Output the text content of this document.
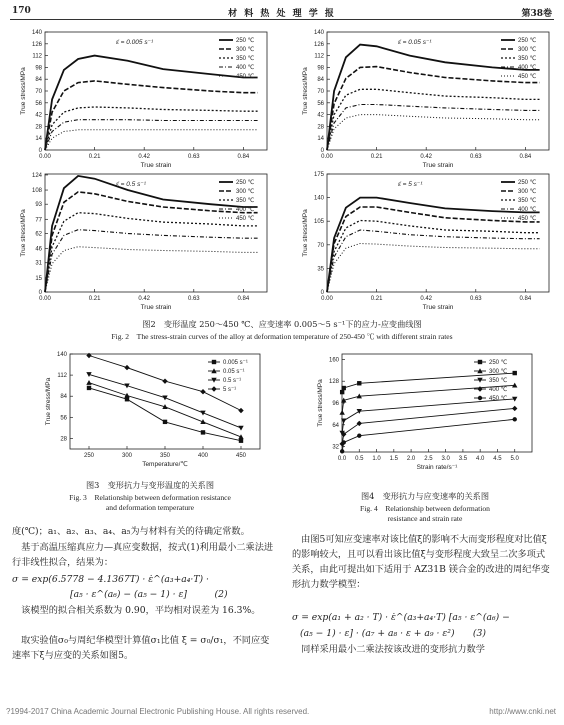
170	材 料 热 处 理 学 报	第38卷
0.00	0.21	0.42	0.63	0.84
0
14
28
42
56
70
84
98
112
126
140
True strain
True stress/MPa
ε̇ = 0.005 s⁻¹	250 ℃
300 ℃
350 ℃
400 ℃
450 ℃
0.00	0.21	0.42	0.63	0.84
0
14
28
42
56
70
84
98
112
126
140
True strain
True stress/MPa
ε̇ = 0.05 s⁻¹	250 ℃
300 ℃
350 ℃
400 ℃
450 ℃
0.00	0.21	0.42	0.63	0.84
0
15
31
46
62
77
93
108
124
True strain
True stress/MPa
ε̇ = 0.5 s⁻¹	250 ℃
300 ℃
350 ℃
400 ℃
450 ℃
0.00	0.21	0.42	0.63	0.84
0
35
70
105
140
175
True strain
True stress/MPa
ε̇ = 5 s⁻¹	250 ℃
300 ℃
350 ℃
400 ℃
450 ℃
图2　变形温度 250～450 ℃、应变速率 0.005～5 s⁻¹下的应力-应变曲线图
Fig. 2　The stress-strain curves of the alloy at deformation temperature of 250-450 ℃ with different strain rates
250	300	350	400	450
28
56
84
112
140
Temperature/℃
True stress/MPa
0.005 s⁻¹
0.05 s⁻¹
0.5 s⁻¹
5 s⁻¹
0.0 0.5 1.0 1.5 2.0 2.5 3.0 3.5 4.0 4.5 5.0
32
64
96
128
160
Strain rate/s⁻¹
True stress/MPa
250 ℃
300 ℃
350 ℃
400 ℃
450 ℃
图3　变形抗力与变形温度的关系图
Fig. 3　Relationship between deformation resistance
and deformation temperature
图4　变形抗力与应变速率的关系图
Fig. 4　Relationship between deformation
resistance and strain rate
度(℃)；a₁、a₂、a₃、a₄、a₅为与材料有关的待确定常数。
　基于高温压缩真应力—真应变数据，按式(1)利用最小二乘法进行非线性拟合，结果为：
σ = exp(6.5778 − 4.1367T) · ε̇^(a₃+a₄·T) ·
[a₅ · ε^(a₆) − (a₅ − 1) · ε]　　　(2)
　该模型的拟合相关系数为 0.90，平均相对误差为 16.3%。
　取实验值σ₀与周纪华模型计算值σ₁比值 ξ = σ₀/σ₁，不同应变速率下ξ与应变的关系如图5。
　由图5可知应变速率对该比值ξ的影响不大而变形程度对比值ξ的影响较大，且可以看出该比值ξ与变形程度大致呈二次多项式关系，由此可提出如下适用于 AZ31B 镁合金的改进的周纪华变形抗力数学模型：
σ = exp(a₁ + a₂ · T) · ε̇^(a₃+a₄·T) [a₅ · ε^(a₆) −
(a₅ − 1) · ε] · (a₇ + a₈ · ε + a₉ · ε²)　　(3)
　同样采用最小二乘法按该改进的变形抗力数学
?1994-2017 China Academic Journal Electronic Publishing House. All rights reserved.	http://www.cnki.net
